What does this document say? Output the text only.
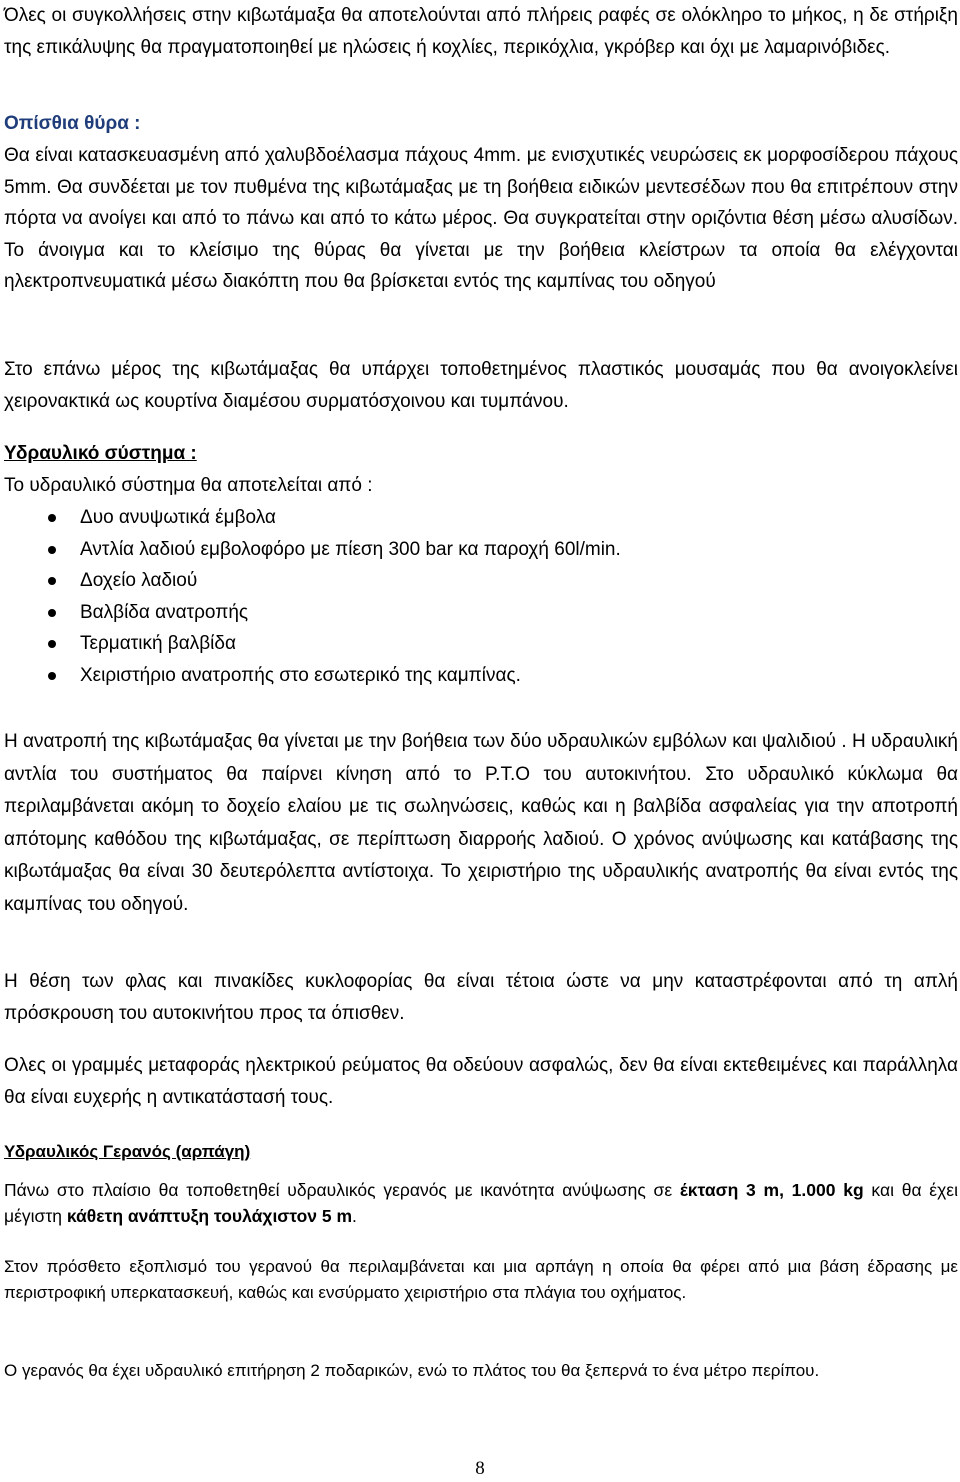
Όλες οι συγκολλήσεις στην κιβωτάμαξα θα αποτελούνται από πλήρεις ραφές σε ολόκληρο το μήκος, η δε στήριξη της επικάλυψης θα πραγματοποιηθεί με ηλώσεις ή κοχλίες, περικόχλια, γκρόβερ και όχι με λαμαρινόβιδες.

Οπίσθια θύρα :

Θα είναι κατασκευασμένη από χαλυβδοέλασμα πάχους 4mm. με ενισχυτικές νευρώσεις εκ μορφοσίδερου πάχους 5mm. Θα συνδέεται με τον πυθμένα της κιβωτάμαξας με τη βοήθεια ειδικών μεντεσέδων που θα επιτρέπουν στην πόρτα να ανοίγει και από το πάνω και από το κάτω μέρος. Θα συγκρατείται στην οριζόντια θέση μέσω αλυσίδων. Το άνοιγμα και το κλείσιμο της θύρας θα γίνεται με την βοήθεια κλείστρων τα οποία θα ελέγχονται ηλεκτροπνευματικά μέσω διακόπτη που θα βρίσκεται εντός της καμπίνας του οδηγού

Στο επάνω μέρος της κιβωτάμαξας θα υπάρχει τοποθετημένος πλαστικός μουσαμάς που θα ανοιγοκλείνει χειρονακτικά ως κουρτίνα διαμέσου συρματόσχοινου και τυμπάνου.

Υδραυλικό σύστημα :

Το υδραυλικό σύστημα θα αποτελείται από :

Δυο ανυψωτικά έμβολα
Αντλία λαδιού εμβολοφόρο με πίεση 300 bar κα παροχή 60l/min.
Δοχείο λαδιού
Βαλβίδα ανατροπής
Τερματική βαλβίδα
Χειριστήριο ανατροπής στο εσωτερικό της καμπίνας.

Η ανατροπή της κιβωτάμαξας θα γίνεται με την βοήθεια των δύο υδραυλικών εμβόλων και ψαλιδιού . Η υδραυλική αντλία του συστήματος θα παίρνει κίνηση από το P.T.O του αυτοκινήτου. Στο υδραυλικό κύκλωμα θα περιλαμβάνεται ακόμη το δοχείο ελαίου με τις σωληνώσεις, καθώς και η βαλβίδα ασφαλείας για την αποτροπή απότομης καθόδου της κιβωτάμαξας, σε περίπτωση διαρροής λαδιού. Ο χρόνος ανύψωσης και κατάβασης της κιβωτάμαξας θα είναι 30 δευτερόλεπτα αντίστοιχα. Το χειριστήριο της υδραυλικής ανατροπής θα είναι εντός της καμπίνας του οδηγού.

Η θέση των φλας και πινακίδες κυκλοφορίας θα είναι τέτοια ώστε να μην καταστρέφονται από τη απλή πρόσκρουση του αυτοκινήτου προς τα όπισθεν.

Ολες οι γραμμές μεταφοράς ηλεκτρικού ρεύματος θα οδεύουν ασφαλώς, δεν θα είναι εκτεθειμένες και παράλληλα θα είναι ευχερής η αντικατάστασή τους.

Υδραυλικός Γερανός (αρπάγη)

Πάνω στο πλαίσιο θα τοποθετηθεί υδραυλικός γερανός με ικανότητα ανύψωσης σε έκταση 3 m, 1.000 kg και θα έχει μέγιστη κάθετη ανάπτυξη τουλάχιστον 5 m.

Στον πρόσθετο εξοπλισμό του γερανού θα περιλαμβάνεται και μια αρπάγη η οποία θα φέρει από μια βάση έδρασης με περιστροφική υπερκατασκευή, καθώς και ενσύρματο χειριστήριο στα πλάγια του οχήματος.

Ο γερανός θα έχει υδραυλικό επιτήρηση 2 ποδαρικών, ενώ το πλάτος του θα ξεπερνά το ένα μέτρο περίπου.

8
